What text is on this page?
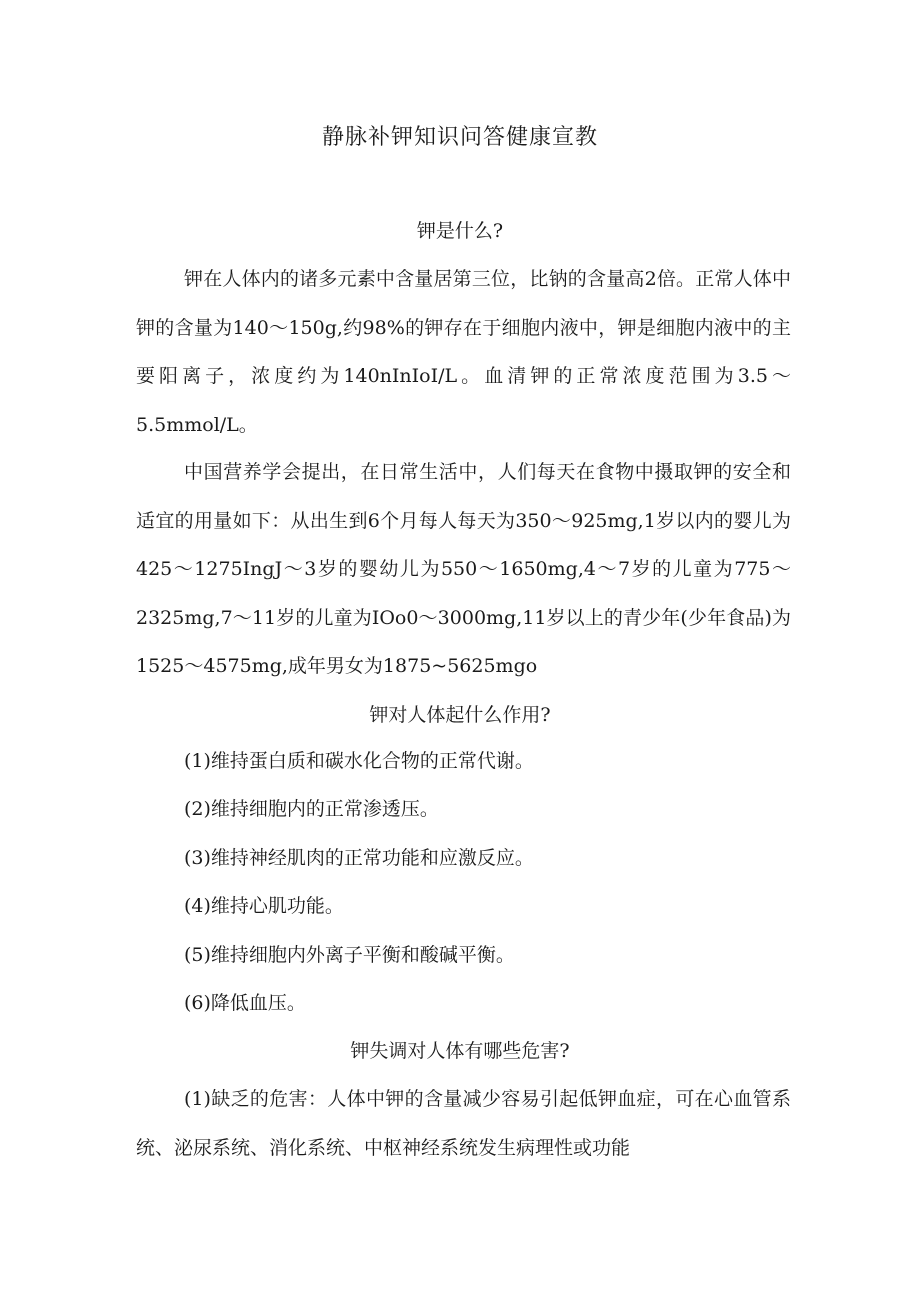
静脉补钾知识问答健康宣教
钾是什么?
钾在人体内的诸多元素中含量居第三位，比钠的含量高2倍。正常人体中钾的含量为140～150g,约98%的钾存在于细胞内液中，钾是细胞内液中的主要阳离子，浓度约为140nInIoI/L。血清钾的正常浓度范围为3.5～5.5mmol/L。
中国营养学会提出，在日常生活中，人们每天在食物中摄取钾的安全和适宜的用量如下：从出生到6个月每人每天为350～925mg,1岁以内的婴儿为425～1275IngJ～3岁的婴幼儿为550～1650mg,4～7岁的儿童为775～2325mg,7～11岁的儿童为IOo0～3000mg,11岁以上的青少年(少年食品)为1525～4575mg,成年男女为1875~5625mgo
钾对人体起什么作用?
(1)维持蛋白质和碳水化合物的正常代谢。
(2)维持细胞内的正常渗透压。
(3)维持神经肌肉的正常功能和应激反应。
(4)维持心肌功能。
(5)维持细胞内外离子平衡和酸碱平衡。
(6)降低血压。
钾失调对人体有哪些危害?
(1)缺乏的危害：人体中钾的含量减少容易引起低钾血症，可在心血管系统、泌尿系统、消化系统、中枢神经系统发生病理性或功能
